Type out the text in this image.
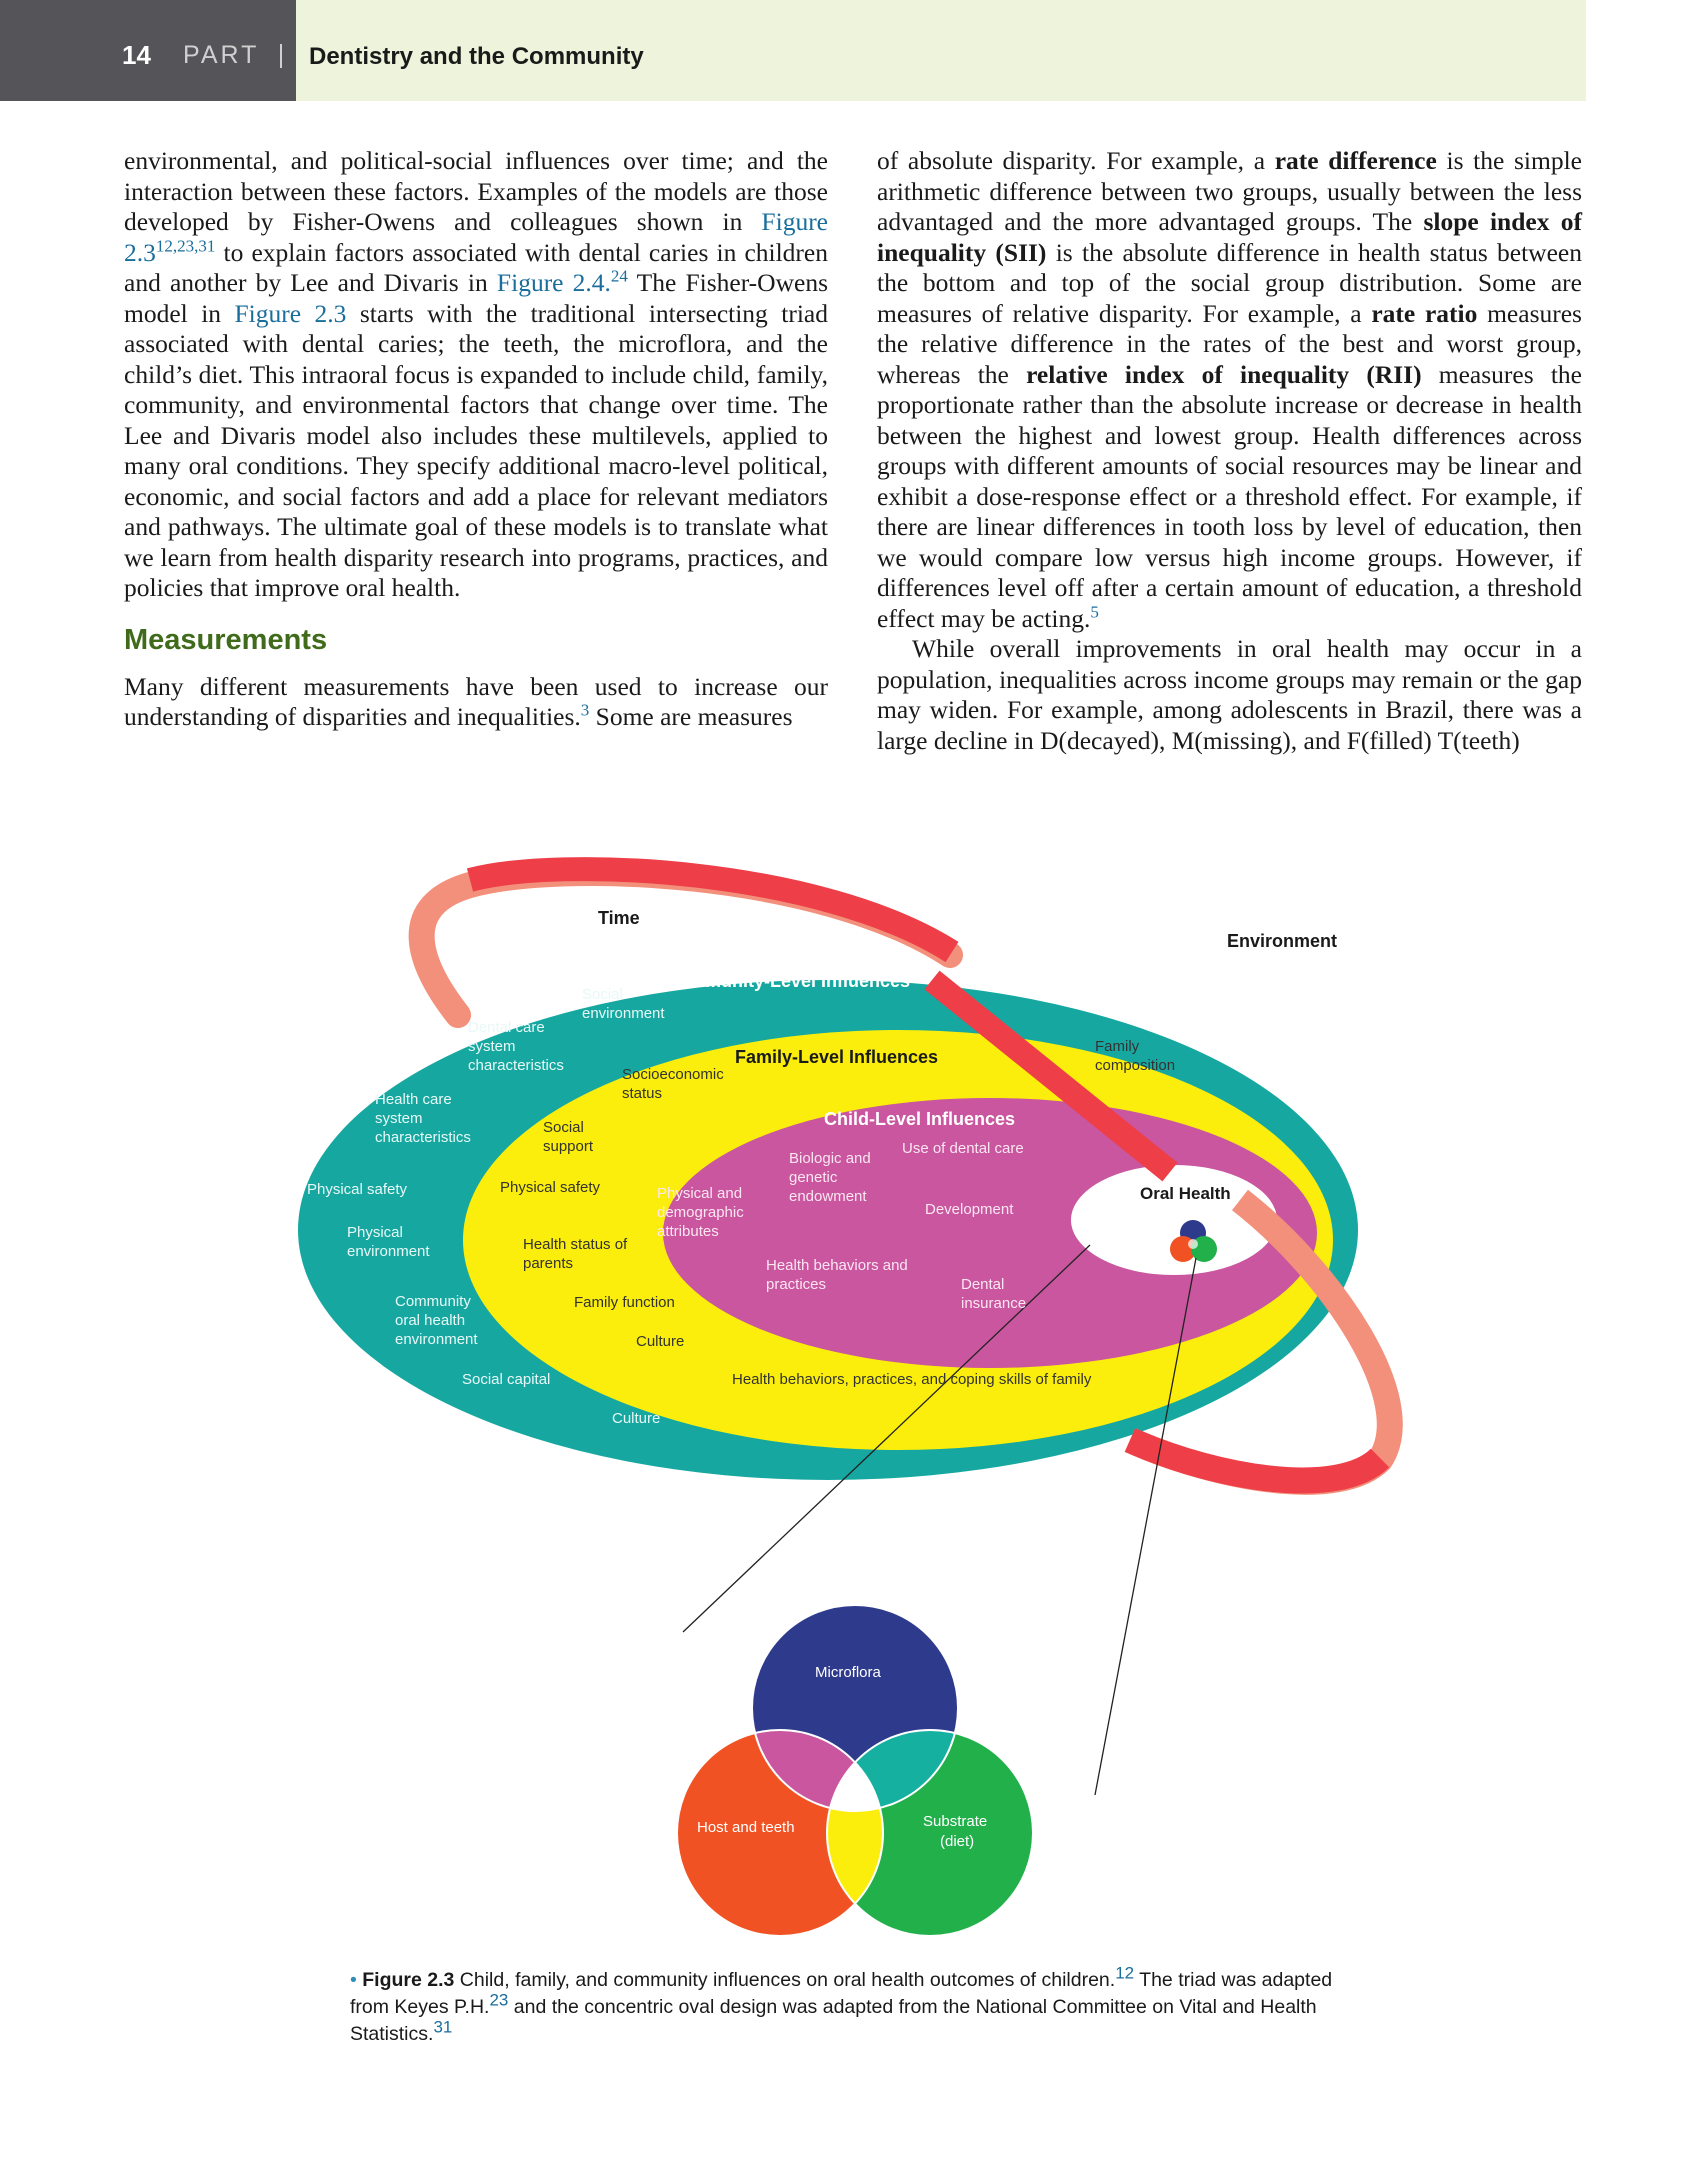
14 PART Dentistry and the Community

environmental, and political-social influences over time; and the interaction between these factors. Examples of the models are those developed by Fisher-Owens and colleagues shown in Figure 2.3$^{12,23,31}$ to explain factors associated with dental caries in children and another by Lee and Divaris in Figure 2.4.24 The Fisher-Owens model in Figure 2.3 starts with the traditional intersecting triad associated with dental caries; the teeth, the microflora, and the child’s diet. This intraoral focus is expanded to include child, family, community, and environmental factors that change over time. The Lee and Divaris model also includes these multilevels, applied to many oral conditions. They specify additional macro-level political, economic, and social factors and add a place for relevant mediators and pathways. The ultimate goal of these models is to translate what we learn from health disparity research into programs, practices, and policies that improve oral health.

Measurements

Many different measurements have been used to increase our understanding of disparities and inequalities.$^3$ Some are measures

of absolute disparity. For example, a rate difference is the simple arithmetic difference between two groups, usually between the less advantaged and the more advantaged groups. The slope index of inequality (SII) is the absolute difference in health status between the bottom and top of the social group distribution. Some are measures of relative disparity. For example, a rate ratio measures the relative difference in the rates of the best and worst group, whereas the relative index of inequality (RII) measures the proportionate rather than the absolute increase or decrease in health between the highest and lowest group. Health differences across groups with different amounts of social resources may be linear and exhibit a dose-response effect or a threshold effect. For example, if there are linear differences in tooth loss by level of education, then we would compare low versus high income groups. However, if differences level off after a certain amount of education, a threshold effect may be acting.$^5$

While overall improvements in oral health may occur in a population, inequalities across income groups may remain or the gap may widen. For example, among adolescents in Brazil, there was a large decline in D(decayed), M(missing), and F(filled) T(teeth)

Time
Environment
Community-Level Influences
Family-Level Influences
Child-Level Influences
Oral Health
Social
environment
Dental care
system
characteristics
Health care
system
characteristics
Physical safety
Physical
environment
Community
oral health
environment
Social capital
Culture
Family
composition
Socioeconomic
status
Social
support
Physical safety
Health status of
parents
Family function
Culture
Health behaviors, practices, and coping skills of family
Biologic and
genetic
endowment
Use of dental care
Physical and
demographic
attributes
Development
Health behaviors and
practices	Dental
insurance
Microflora
Host and teeth	Substrate
(diet)
• Figure 2.3 Child, family, and community influences on oral health outcomes of children.$^{12}$ The triad was adapted from Keyes P.H.$^{23}$ and the concentric oval design was adapted from the National Committee on Vital and Health Statistics.$^{31}$
